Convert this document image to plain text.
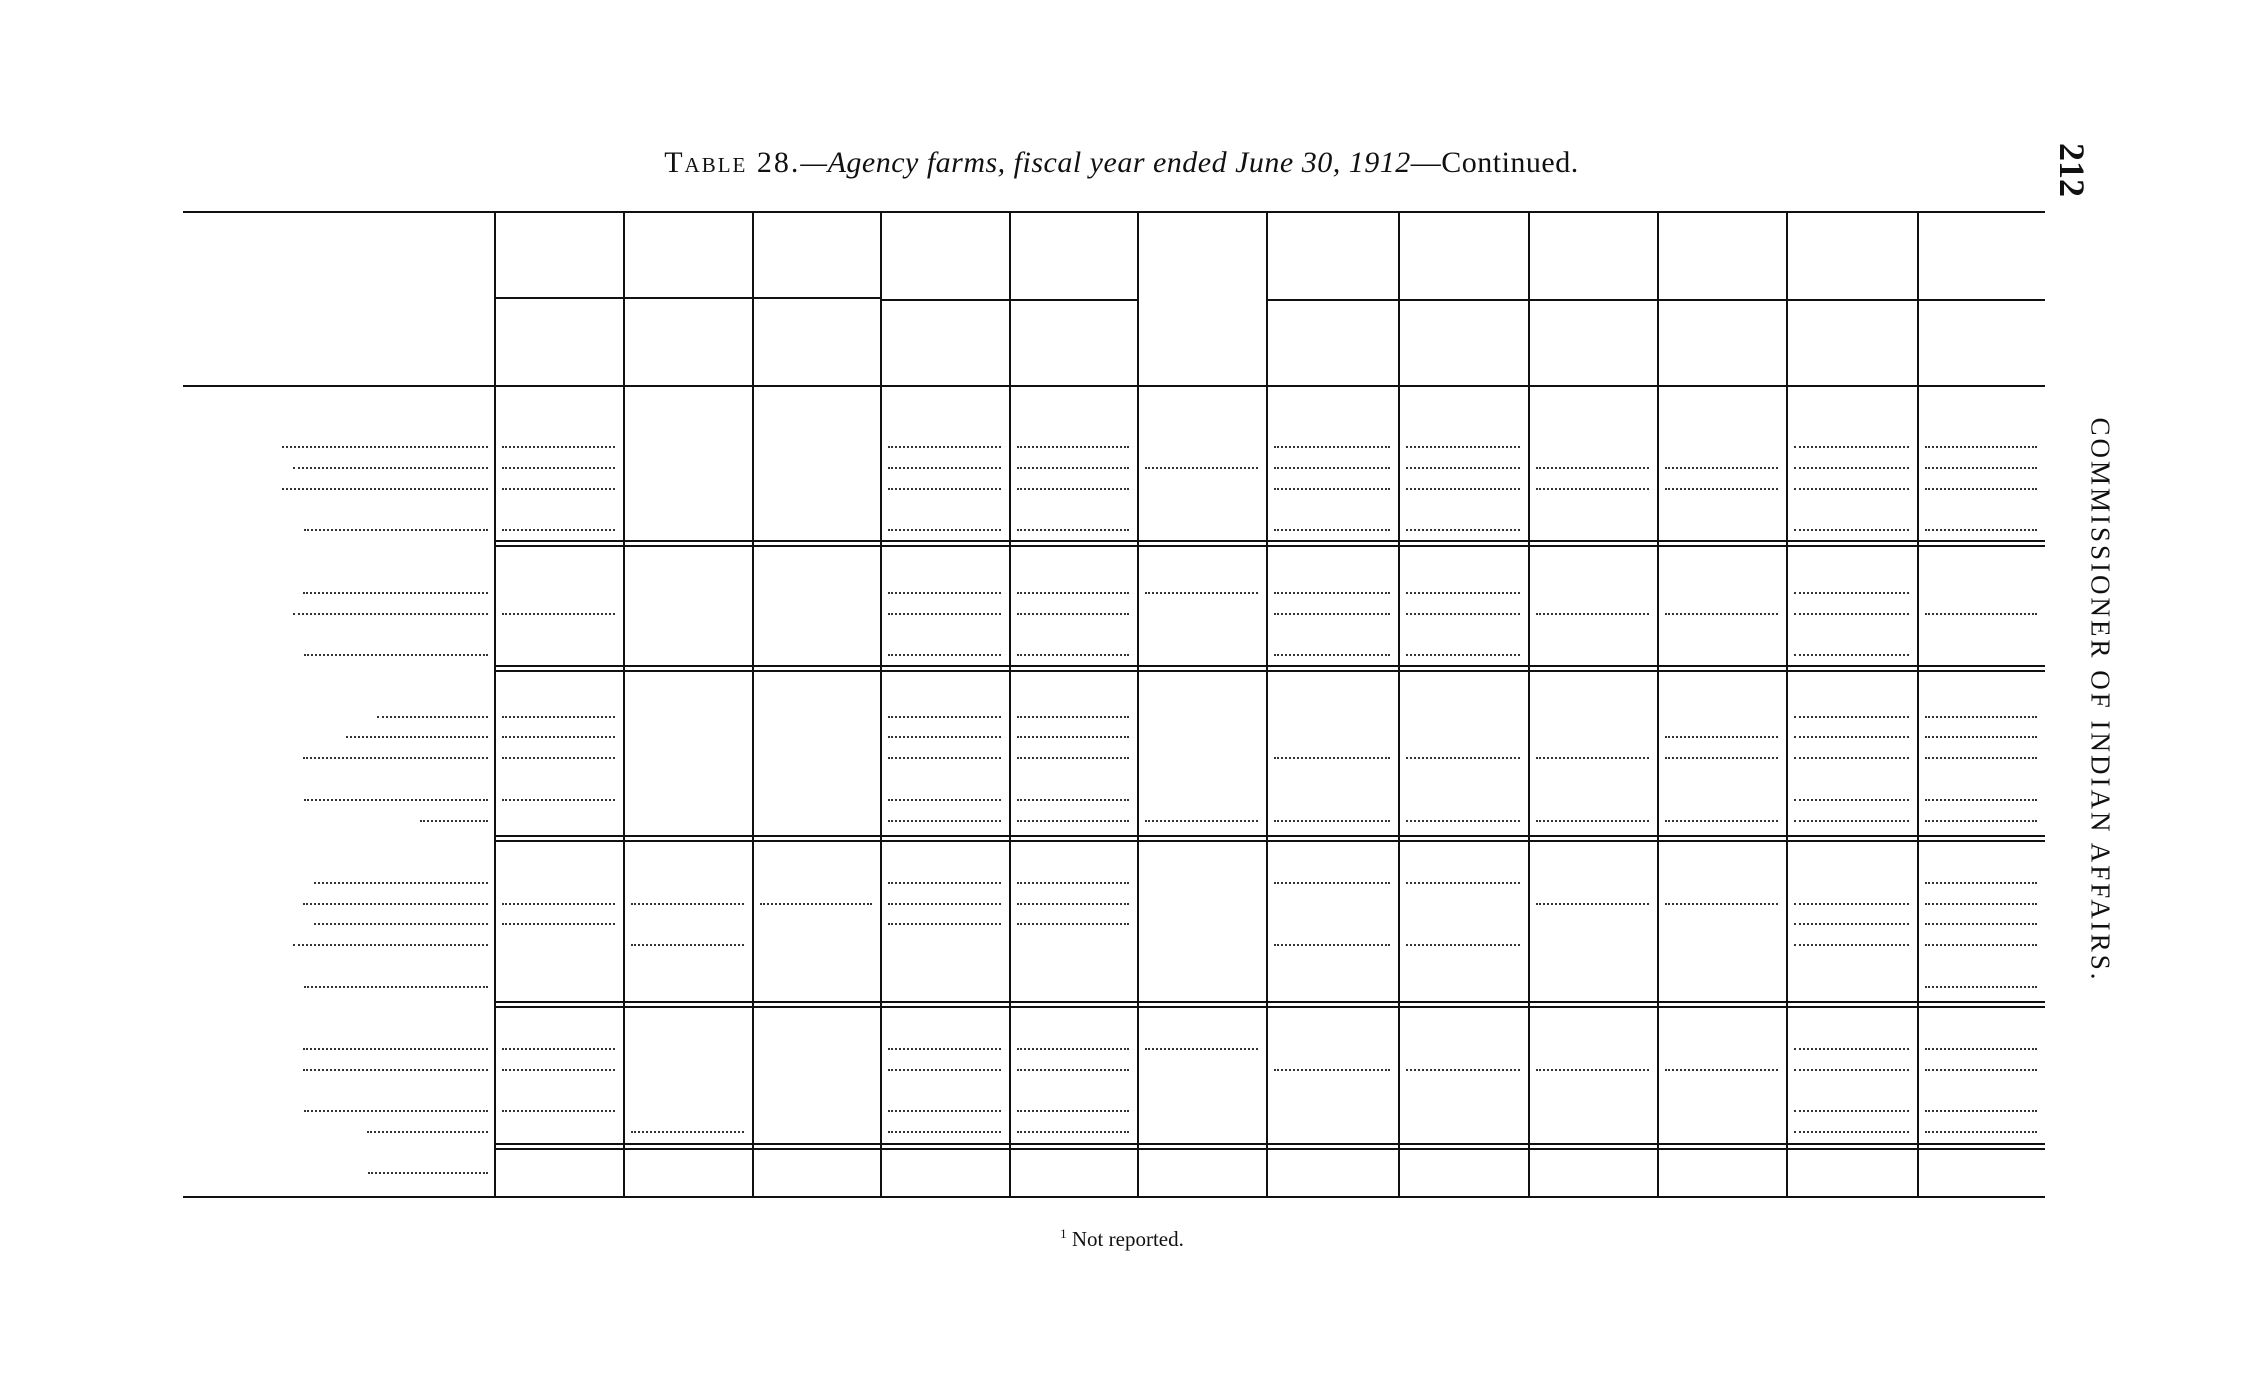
Table 28.—Agency farms, fiscal year ended June 30, 1912—Continued.	212
COMMISSIONER OF INDIAN AFFAIRS.
$^1$ Not reported.
